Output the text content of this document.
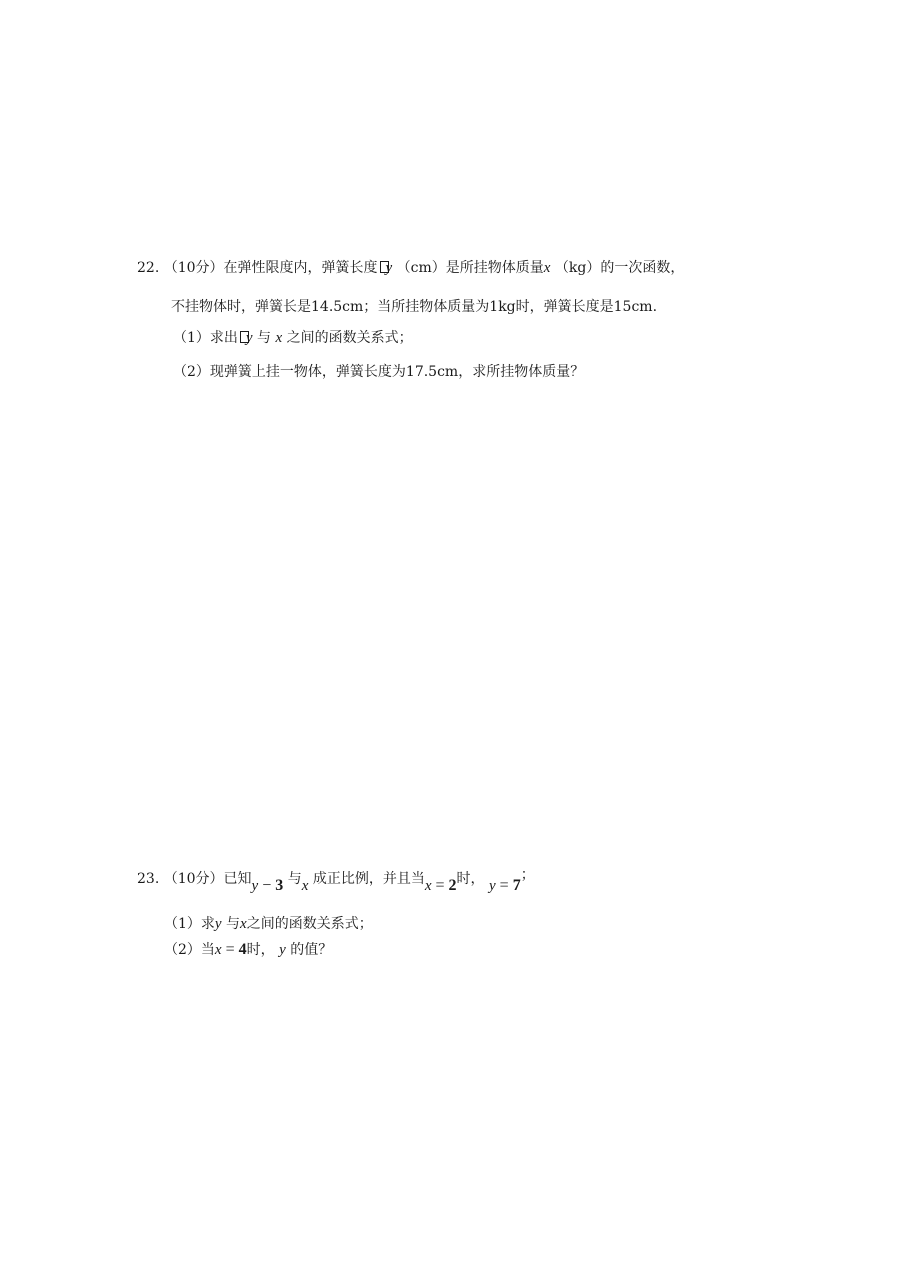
22. （10分）在弹性限度内，弹簧长度 y （cm）是所挂物体质量x （kg）的一次函数，
不挂物体时，弹簧长是14.5cm；当所挂物体质量为1kg时，弹簧长度是15cm.
（1）求出 y 与 x 之间的函数关系式；
（2）现弹簧上挂一物体，弹簧长度为17.5cm，求所挂物体质量？
23. （10分）已知y − 3 与x 成正比例，并且当x = 2时， y = 7；
（1）求y 与x之间的函数关系式；
（2）当x = 4时， y 的值？
